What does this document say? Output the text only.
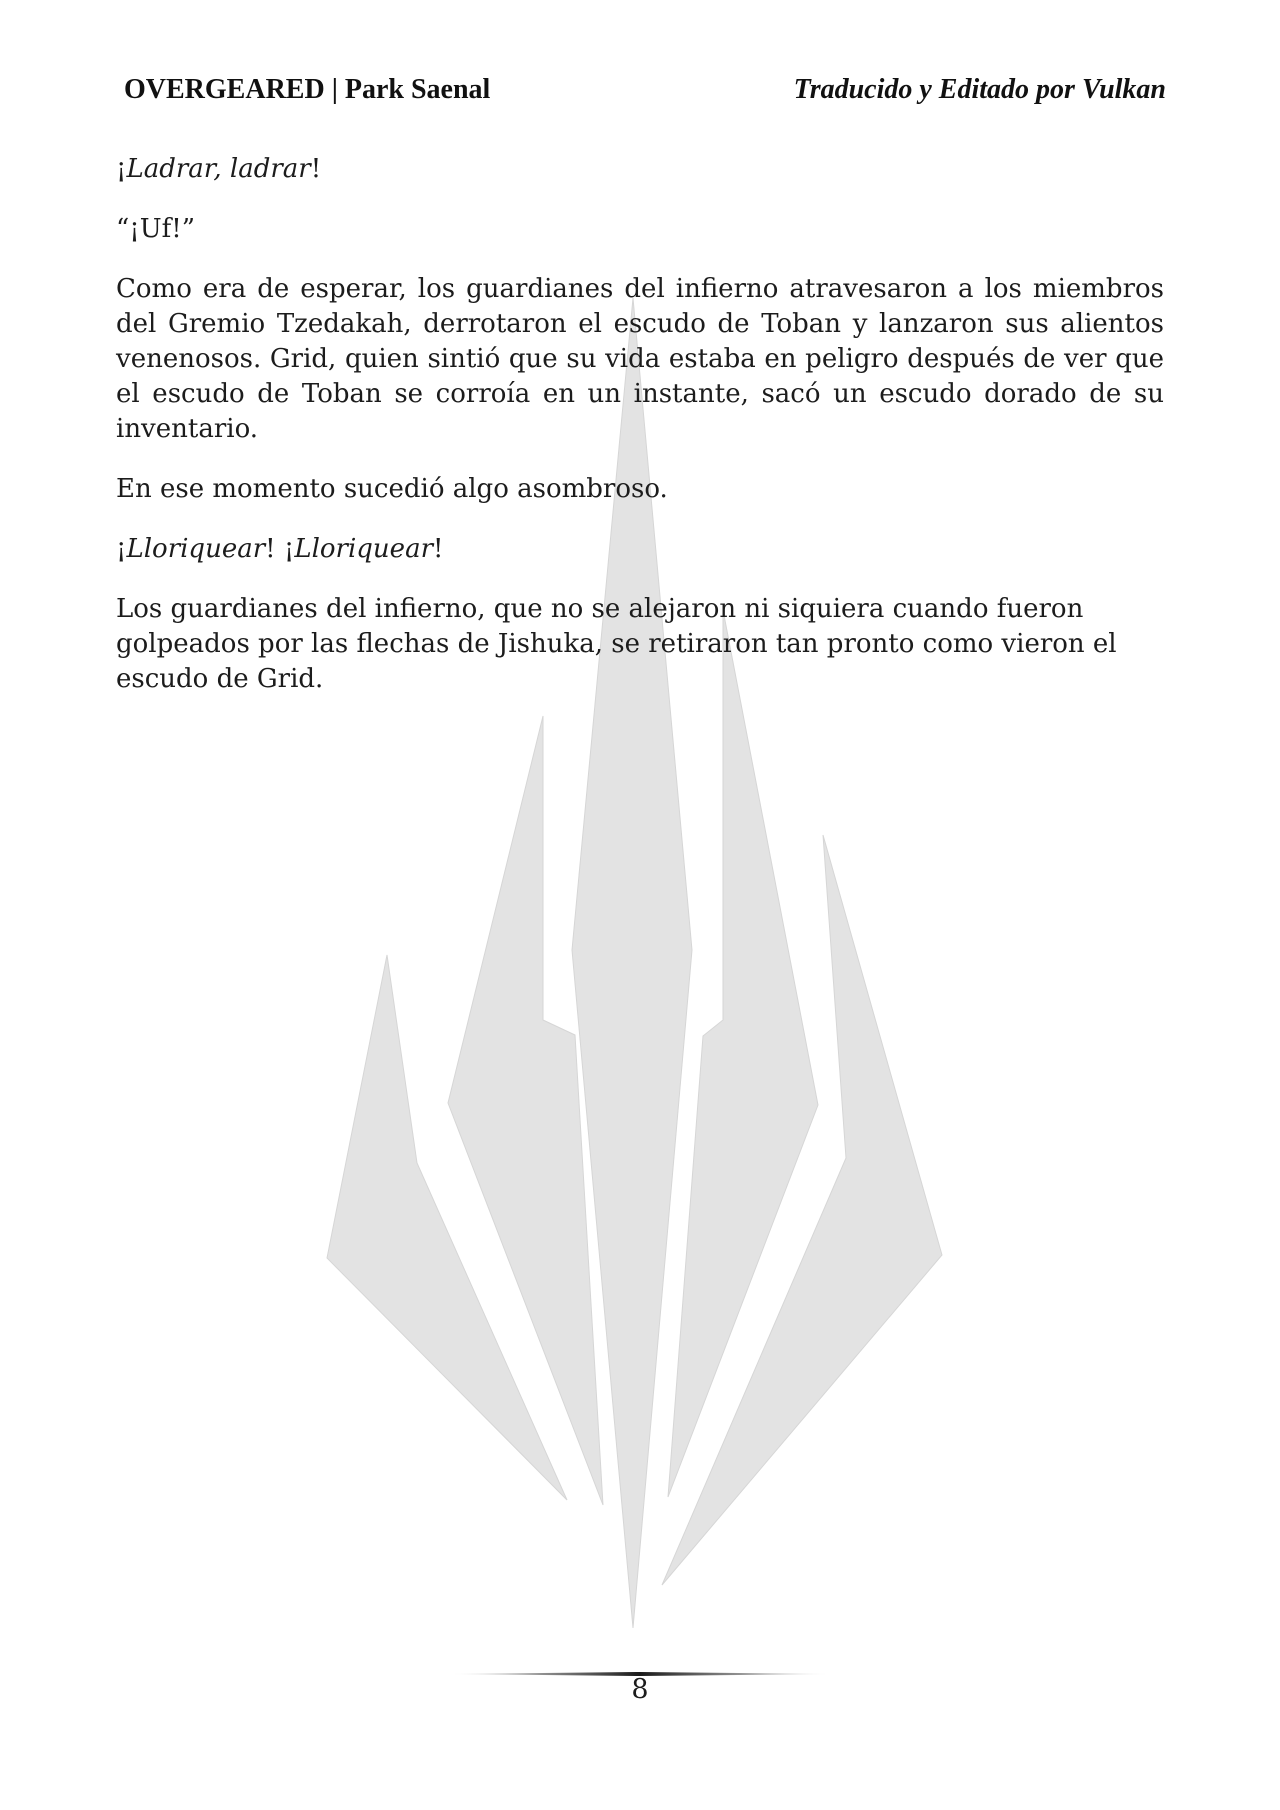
OVERGEARED | Park Saenal	Traducido y Editado por Vulkan

¡Ladrar, ladrar!

“¡Uf!”

Como era de esperar, los guardianes del infierno atravesaron a los miembros del Gremio Tzedakah, derrotaron el escudo de Toban y lanzaron sus alientos venenosos. Grid, quien sintió que su vida estaba en peligro después de ver que el escudo de Toban se corroía en un instante, sacó un escudo dorado de su inventario.

En ese momento sucedió algo asombroso.

¡Lloriquear! ¡Lloriquear!

Los guardianes del infierno, que no se alejaron ni siquiera cuando fueron golpeados por las flechas de Jishuka, se retiraron tan pronto como vieron el escudo de Grid.

8
